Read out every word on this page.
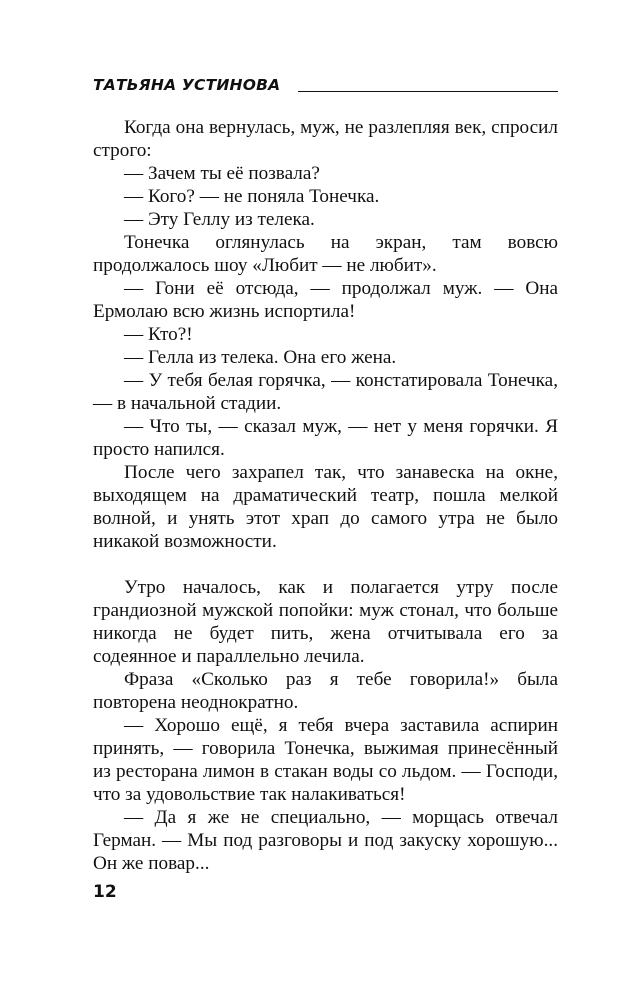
ТАТЬЯНА УСТИНОВА

Когда она вернулась, муж, не разлепляя век, спросил строго:

— Зачем ты её позвала?

— Кого? — не поняла Тонечка.

— Эту Геллу из телека.

Тонечка оглянулась на экран, там вовсю продолжалось шоу «Любит — не любит».

— Гони её отсюда, — продолжал муж. — Она Ермолаю всю жизнь испортила!

— Кто?!

— Гелла из телека. Она его жена.

— У тебя белая горячка, — констатировала Тонечка, — в начальной стадии.

— Что ты, — сказал муж, — нет у меня горячки. Я просто напился.

После чего захрапел так, что занавеска на окне, выходящем на драматический театр, пошла мелкой волной, и унять этот храп до самого утра не было никакой возможности.

Утро началось, как и полагается утру после грандиозной мужской попойки: муж стонал, что больше никогда не будет пить, жена отчитывала его за содеянное и параллельно лечила.

Фраза «Сколько раз я тебе говорила!» была повторена неоднократно.

— Хорошо ещё, я тебя вчера заставила аспирин принять, — говорила Тонечка, выжимая принесённый из ресторана лимон в стакан воды со льдом. — Господи, что за удовольствие так налакиваться!

— Да я же не специально, — морщась отвечал Герман. — Мы под разговоры и под закуску хорошую... Он же повар...

12
